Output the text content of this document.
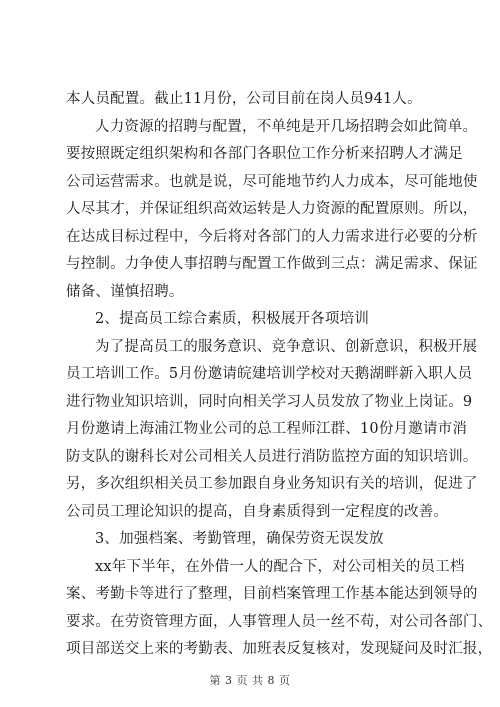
本人员配置。截止11月份，公司目前在岗人员941人。
人力资源的招聘与配置，不单纯是开几场招聘会如此简单。
要按照既定组织架构和各部门各职位工作分析来招聘人才满足
公司运营需求。也就是说，尽可能地节约人力成本，尽可能地使
人尽其才，并保证组织高效运转是人力资源的配置原则。所以，
在达成目标过程中，今后将对各部门的人力需求进行必要的分析
与控制。力争使人事招聘与配置工作做到三点：满足需求、保证
储备、谨慎招聘。
2、提高员工综合素质，积极展开各项培训
为了提高员工的服务意识、竞争意识、创新意识，积极开展
员工培训工作。5月份邀请皖建培训学校对天鹅湖畔新入职人员
进行物业知识培训，同时向相关学习人员发放了物业上岗证。9
月份邀请上海浦江物业公司的总工程师江群、10份月邀请市消
防支队的谢科长对公司相关人员进行消防监控方面的知识培训。
另，多次组织相关员工参加跟自身业务知识有关的培训，促进了
公司员工理论知识的提高，自身素质得到一定程度的改善。
3、加强档案、考勤管理，确保劳资无误发放
xx年下半年，在外借一人的配合下，对公司相关的员工档
案、考勤卡等进行了整理，目前档案管理工作基本能达到领导的
要求。在劳资管理方面，人事管理人员一丝不苟，对公司各部门、
项目部送交上来的考勤表、加班表反复核对，发现疑问及时汇报，
第 3 页 共 8 页
